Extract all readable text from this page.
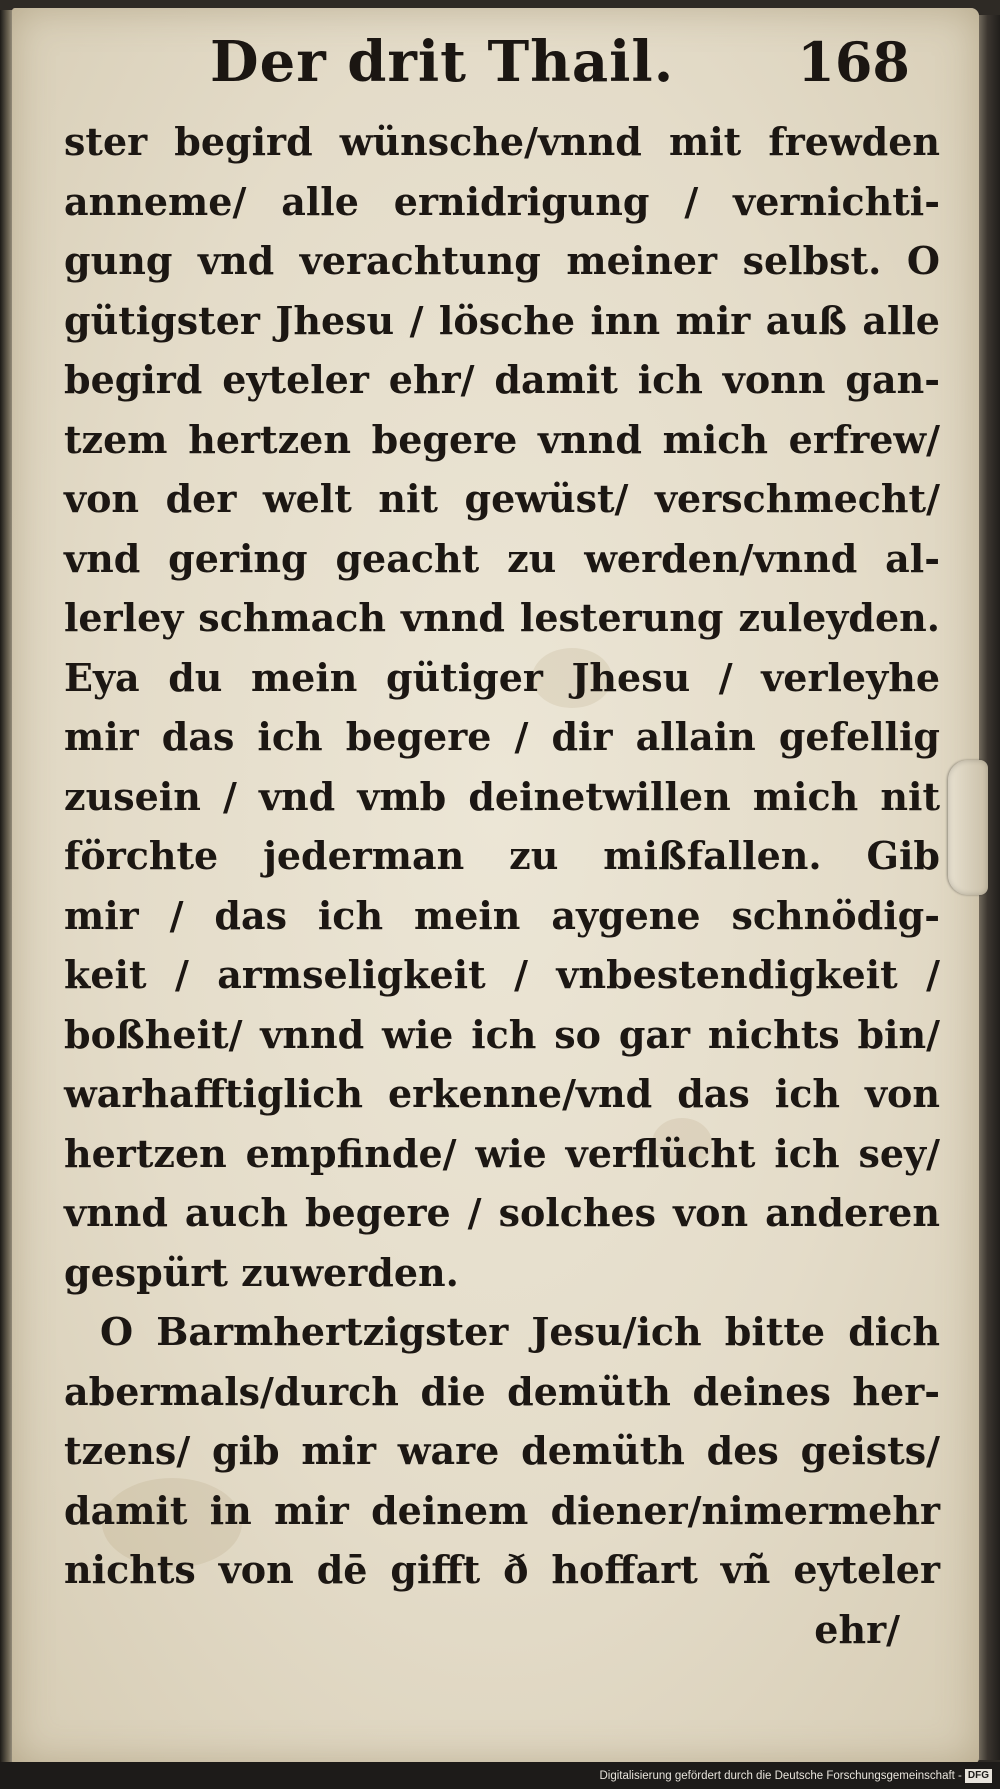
Der drit Thail. 168
ster begird wünsche/vnnd mit frewden
anneme/ alle ernidrigung / vernichti-
gung vnd verachtung meiner selbst. O
gütigster Jhesu / lösche inn mir auß alle
begird eyteler ehr/ damit ich vonn gan-
tzem hertzen begere vnnd mich erfrew/
von der welt nit gewüst/ verschmecht/
vnd gering geacht zu werden/vnnd al-
lerley schmach vnnd lesterung zuleyden.
Eya du mein gütiger Jhesu / verleyhe
mir das ich begere / dir allain gefellig
zusein / vnd vmb deinetwillen mich nit
förchte jederman zu mißfallen. Gib
mir / das ich mein aygene schnödig-
keit / armseligkeit / vnbestendigkeit /
boßheit/ vnnd wie ich so gar nichts bin/
warhafftiglich erkenne/vnd das ich von
hertzen empfinde/ wie verflücht ich sey/
vnnd auch begere / solches von anderen
gespürt zuwerden.
O Barmhertzigster Jesu/ich bitte dich
abermals/durch die demüth deines her-
tzens/ gib mir ware demüth des geists/
damit in mir deinem diener/nimermehr
nichts von dē gifft ð hoffart vñ eyteler
ehr/
Digitalisierung gefördert durch die Deutsche Forschungsgemeinschaft - DFG
